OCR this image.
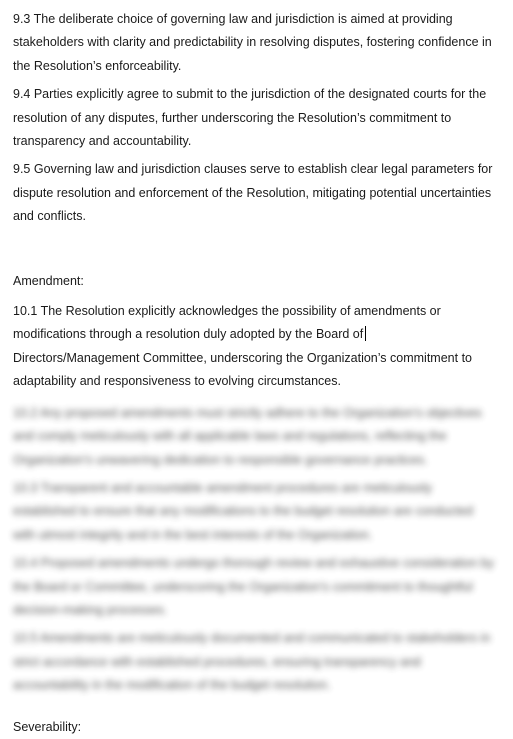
9.3 The deliberate choice of governing law and jurisdiction is aimed at providing stakeholders with clarity and predictability in resolving disputes, fostering confidence in the Resolution’s enforceability.

9.4 Parties explicitly agree to submit to the jurisdiction of the designated courts for the resolution of any disputes, further underscoring the Resolution’s commitment to transparency and accountability.

9.5 Governing law and jurisdiction clauses serve to establish clear legal parameters for dispute resolution and enforcement of the Resolution, mitigating potential uncertainties and conflicts.

Amendment:

10.1 The Resolution explicitly acknowledges the possibility of amendments or modifications through a resolution duly adopted by the Board of
Directors/Management Committee, underscoring the Organization’s commitment to adaptability and responsiveness to evolving circumstances.

10.2 Any proposed amendments must strictly adhere to the Organization’s objectives and comply meticulously with all applicable laws and regulations, reflecting the Organization’s unwavering dedication to responsible governance practices.

10.3 Transparent and accountable amendment procedures are meticulously established to ensure that any modifications to the budget resolution are conducted with utmost integrity and in the best interests of the Organization.

10.4 Proposed amendments undergo thorough review and exhaustive consideration by the Board or Committee, underscoring the Organization’s commitment to thoughtful decision-making processes.

10.5 Amendments are meticulously documented and communicated to stakeholders in strict accordance with established procedures, ensuring transparency and accountability in the modification of the budget resolution.

Severability:
